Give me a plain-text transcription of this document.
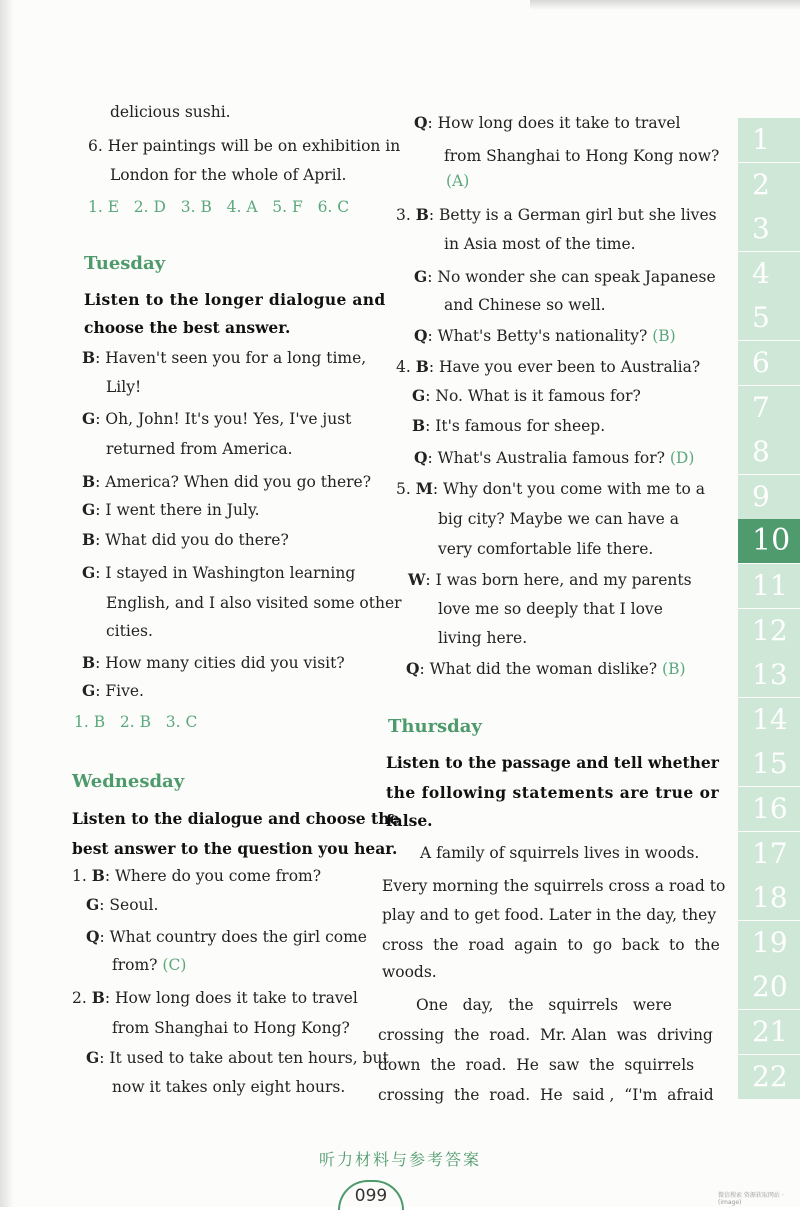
delicious sushi.
6. Her paintings will be on exhibition in
London for the whole of April.
1. E   2. D   3. B   4. A   5. F   6. C
Tuesday
Listen to the longer dialogue and
choose the best answer.
B: Haven't seen you for a long time,
Lily!
G: Oh, John! It's you! Yes, I've just
returned from America.
B: America? When did you go there?
G: I went there in July.
B: What did you do there?
G: I stayed in Washington learning
English, and I also visited some other
cities.
B: How many cities did you visit?
G: Five.
1. B   2. B   3. C
Wednesday
Listen to the dialogue and choose the
best answer to the question you hear.
1. B: Where do you come from?
G: Seoul.
Q: What country does the girl come
from? (C)
2. B: How long does it take to travel
from Shanghai to Hong Kong?
G: It used to take about ten hours, but
now it takes only eight hours.
Q: How long does it take to travel
from Shanghai to Hong Kong now?
(A)
3. B: Betty is a German girl but she lives
in Asia most of the time.
G: No wonder she can speak Japanese
and Chinese so well.
Q: What's Betty's nationality? (B)
4. B: Have you ever been to Australia?
G: No. What is it famous for?
B: It's famous for sheep.
Q: What's Australia famous for? (D)
5. M: Why don't you come with me to a
big city? Maybe we can have a
very comfortable life there.
W: I was born here, and my parents
love me so deeply that I love
living here.
Q: What did the woman dislike? (B)
Thursday
Listen to the passage and tell whether
the following statements are true or
false.
A family of squirrels lives in woods.
Every morning the squirrels cross a road to
play and to get food. Later in the day, they
cross  the  road  again  to  go  back  to  the
woods.
One   day,   the   squirrels   were
crossing  the  road.  Mr. Alan  was  driving
down  the  road.  He  saw  the  squirrels
crossing  the  road.  He  said ,  “I'm  afraid
1
2
3
4
5
6
7
8
9
10
11
12
13
14
15
16
17
18
19
20
21
22
听力材料与参考答案
099	微信搜索 资源获取网站 · (image)
